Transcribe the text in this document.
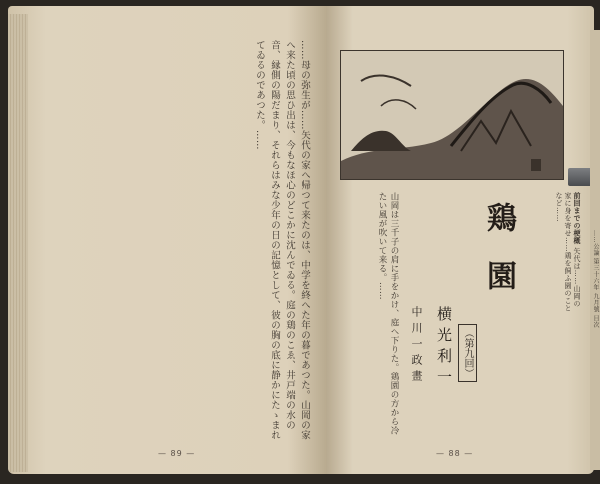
……母の弥生が……矢代の家へ帰つて来たのは、中学を終へた年の暮であつた。山岡の家へ来た頃の思ひ出は、今もなほ心のどこかに沈んでゐる。庭の鶏のこゑ、井戸端の水の音、縁側の陽だまり、それらはみな少年の日の記憶として、彼の胸の底に静かにたゝまれてゐるのであつた。……
— 89 —
前回までの梗概 矢代は……山岡の家に身を寄せ……鶏を飼ふ園のことなど……
鶏園
（第九回）
横光利一
中川一政畫
山岡は三千子の肩に手をかけ、庭へ下りた。鶏園の方から冷たい風が吹いて来る。……
— 88 —
……公論 第三十六年 九月號 目次
